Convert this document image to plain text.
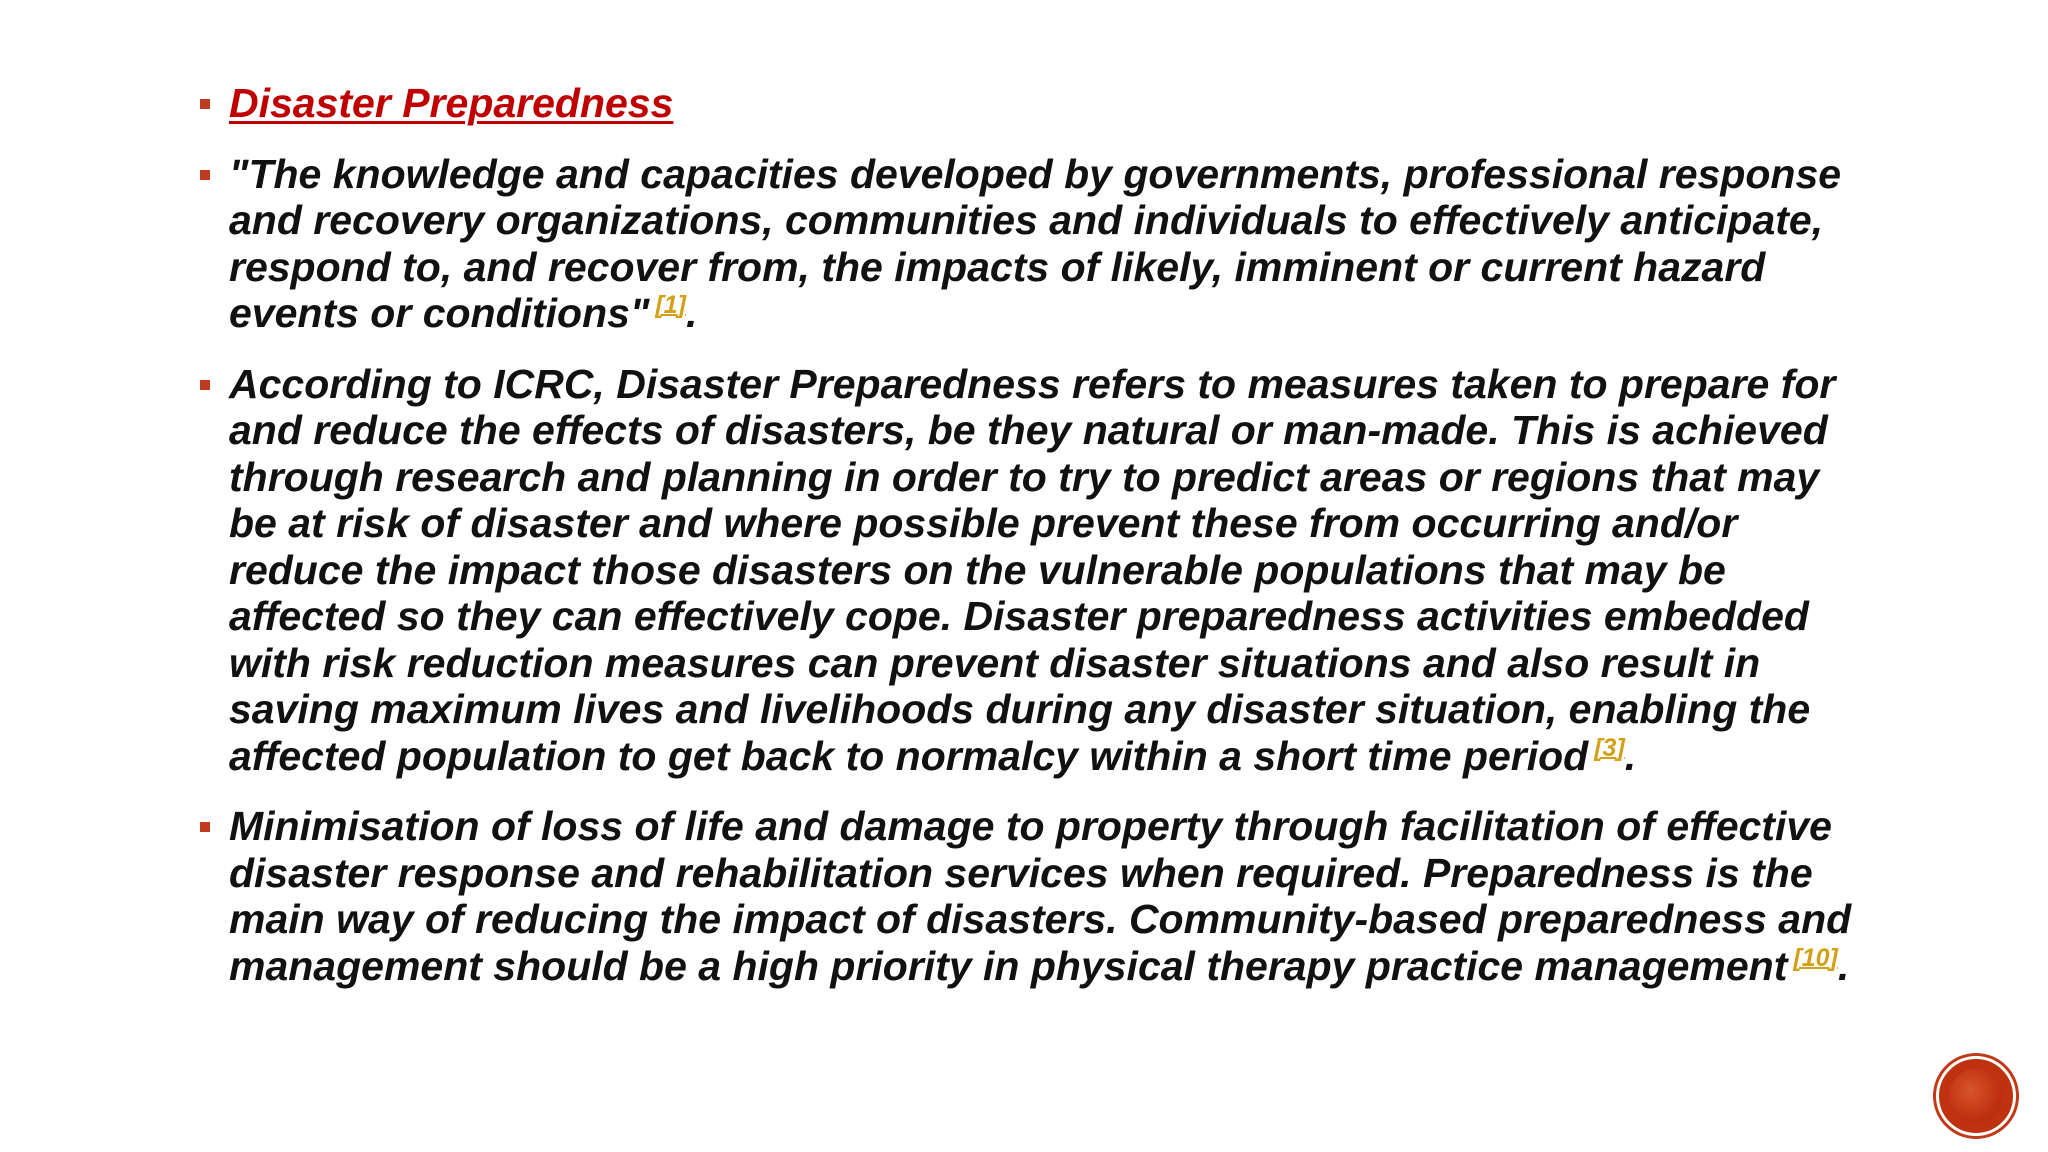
Disaster Preparedness
"The knowledge and capacities developed by governments, professional response and recovery organizations, communities and individuals to effectively anticipate, respond to, and recover from, the impacts of likely, imminent or current hazard events or conditions" [1].
According to ICRC, Disaster Preparedness refers to measures taken to prepare for and reduce the effects of disasters, be they natural or man-made. This is achieved through research and planning in order to try to predict areas or regions that may be at risk of disaster and where possible prevent these from occurring and/or reduce the impact those disasters on the vulnerable populations that may be affected so they can effectively cope. Disaster preparedness activities embedded with risk reduction measures can prevent disaster situations and also result in saving maximum lives and livelihoods during any disaster situation, enabling the affected population to get back to normalcy within a short time period [3].
Minimisation of loss of life and damage to property through facilitation of effective disaster response and rehabilitation services when required. Preparedness is the main way of reducing the impact of disasters. Community-based preparedness and management should be a high priority in physical therapy practice management [10].
